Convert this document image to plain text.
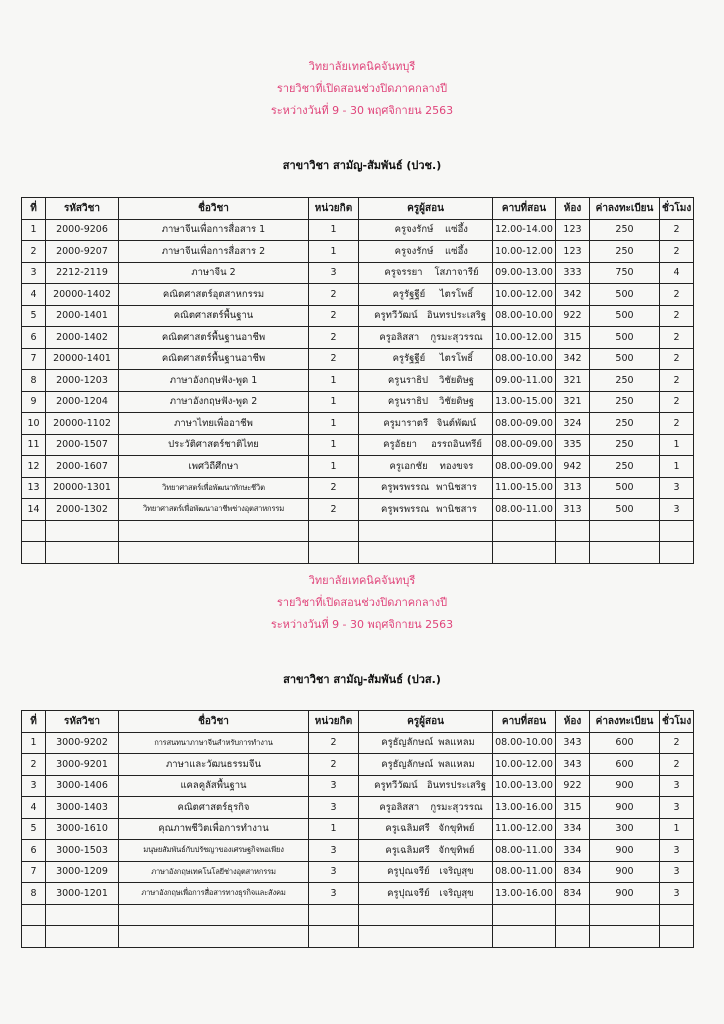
วิทยาลัยเทคนิคจันทบุรี
รายวิชาที่เปิดสอนช่วงปิดภาคกลางปี
ระหว่างวันที่ 9 - 30 พฤศจิกายน 2563
สาขาวิชา สามัญ-สัมพันธ์ (ปวช.)
ที่	รหัสวิชา	ชื่อวิชา	หน่วยกิต	ครูผู้สอน	คาบที่สอน	ห้อง	ค่าลงทะเบียน	ชั่วโมง
1	2000-9206	ภาษาจีนเพื่อการสื่อสาร 1	1	ครูจงรักษ์ แซ่อึ้ง	12.00-14.00	123	250	2
2	2000-9207	ภาษาจีนเพื่อการสื่อสาร 2	1	ครูจงรักษ์ แซ่อึ้ง	10.00-12.00	123	250	2
3	2212-2119	ภาษาจีน 2	3	ครูจรรยา โสภาจารีย์	09.00-13.00	333	750	4
4	20000-1402	คณิตศาสตร์อุตสาหกรรม	2	ครูรัฐฐีย์ ไตรโพธิ์	10.00-12.00	342	500	2
5	2000-1401	คณิตศาสตร์พื้นฐาน	2	ครูทวีวัฒน์ อินทรประเสริฐ	08.00-10.00	922	500	2
6	2000-1402	คณิตศาสตร์พื้นฐานอาชีพ	2	ครูอลิสสา กูรมะสุวรรณ	10.00-12.00	315	500	2
7	20000-1401	คณิตศาสตร์พื้นฐานอาชีพ	2	ครูรัฐฐีย์ ไตรโพธิ์	08.00-10.00	342	500	2
8	2000-1203	ภาษาอังกฤษฟัง-พูด 1	1	ครูนราธิป วิชัยดิษฐ	09.00-11.00	321	250	2
9	2000-1204	ภาษาอังกฤษฟัง-พูด 2	1	ครูนราธิป วิชัยดิษฐ	13.00-15.00	321	250	2
10	20000-1102	ภาษาไทยเพื่ออาชีพ	1	ครูมาราตรี จินต์พัฒน์	08.00-09.00	324	250	2
11	2000-1507	ประวัติศาสตร์ชาติไทย	1	ครูอัธยา อรรถอินทรีย์	08.00-09.00	335	250	1
12	2000-1607	เพศวิถีศึกษา	1	ครูเอกชัย ทองขจร	08.00-09.00	942	250	1
13	20000-1301	วิทยาศาสตร์เพื่อพัฒนาทักษะชีวิต	2	ครูพรพรรณ พานิชสาร	11.00-15.00	313	500	3
14	2000-1302	วิทยาศาสตร์เพื่อพัฒนาอาชีพช่างอุตสาหกรรม	2	ครูพรพรรณ พานิชสาร	08.00-11.00	313	500	3

วิทยาลัยเทคนิคจันทบุรี
รายวิชาที่เปิดสอนช่วงปิดภาคกลางปี
ระหว่างวันที่ 9 - 30 พฤศจิกายน 2563
สาขาวิชา สามัญ-สัมพันธ์ (ปวส.)
ที่	รหัสวิชา	ชื่อวิชา	หน่วยกิต	ครูผู้สอน	คาบที่สอน	ห้อง	ค่าลงทะเบียน	ชั่วโมง
1	3000-9202	การสนทนาภาษาจีนสำหรับการทำงาน	2	ครูธัญลักษณ์ พลแหลม	08.00-10.00	343	600	2
2	3000-9201	ภาษาและวัฒนธรรมจีน	2	ครูธัญลักษณ์ พลแหลม	10.00-12.00	343	600	2
3	3000-1406	แคลคูลัสพื้นฐาน	3	ครูทวีวัฒน์ อินทรประเสริฐ	10.00-13.00	922	900	3
4	3000-1403	คณิตศาสตร์ธุรกิจ	3	ครูอลิสสา กูรมะสุวรรณ	13.00-16.00	315	900	3
5	3000-1610	คุณภาพชีวิตเพื่อการทำงาน	1	ครูเฉลิมศรี จักขุทิพย์	11.00-12.00	334	300	1
6	3000-1503	มนุษยสัมพันธ์กับปรัชญาของเศรษฐกิจพอเพียง	3	ครูเฉลิมศรี จักขุทิพย์	08.00-11.00	334	900	3
7	3000-1209	ภาษาอังกฤษเทคโนโลยีช่างอุตสาหกรรม	3	ครูปุณจรีย์ เจริญสุข	08.00-11.00	834	900	3
8	3000-1201	ภาษาอังกฤษเพื่อการสื่อสารทางธุรกิจและสังคม	3	ครูปุณจรีย์ เจริญสุข	13.00-16.00	834	900	3
